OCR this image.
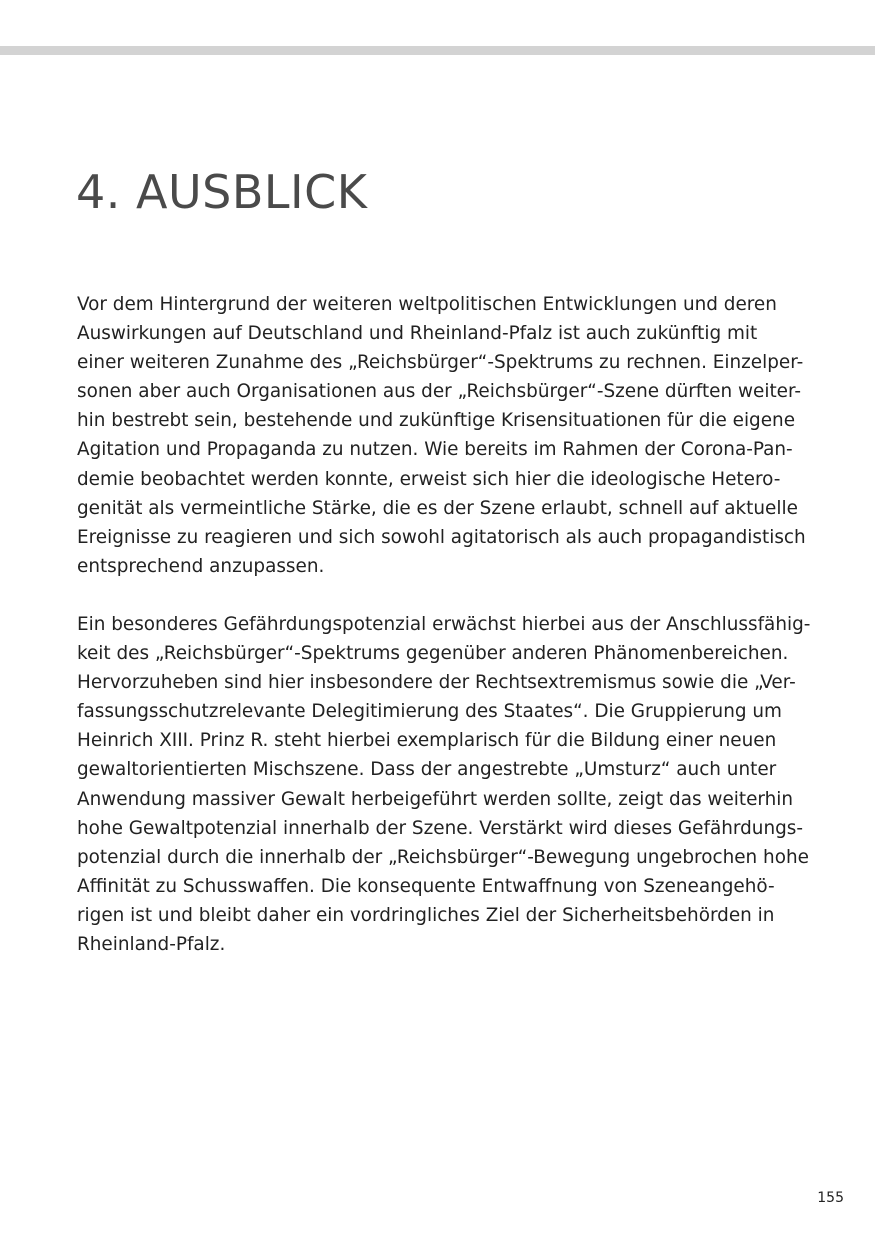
4. AUSBLICK

Vor dem Hintergrund der weiteren weltpolitischen Entwicklungen und deren
Auswirkungen auf Deutschland und Rheinland-Pfalz ist auch zukünftig mit
einer weiteren Zunahme des „Reichsbürger“-Spektrums zu rechnen. Einzelper-
sonen aber auch Organisationen aus der „Reichsbürger“-Szene dürften weiter-
hin bestrebt sein, bestehende und zukünftige Krisensituationen für die eigene
Agitation und Propaganda zu nutzen. Wie bereits im Rahmen der Corona-Pan-
demie beobachtet werden konnte, erweist sich hier die ideologische Hetero-
genität als vermeintliche Stärke, die es der Szene erlaubt, schnell auf aktuelle
Ereignisse zu reagieren und sich sowohl agitatorisch als auch propagandistisch
entsprechend anzupassen.

Ein besonderes Gefährdungspotenzial erwächst hierbei aus der Anschlussfähig-
keit des „Reichsbürger“-Spektrums gegenüber anderen Phänomenbereichen.
Hervorzuheben sind hier insbesondere der Rechtsextremismus sowie die „Ver-
fassungsschutzrelevante Delegitimierung des Staates“. Die Gruppierung um
Heinrich XIII. Prinz R. steht hierbei exemplarisch für die Bildung einer neuen
gewaltorientierten Mischszene. Dass der angestrebte „Umsturz“ auch unter
Anwendung massiver Gewalt herbeigeführt werden sollte, zeigt das weiterhin
hohe Gewaltpotenzial innerhalb der Szene. Verstärkt wird dieses Gefährdungs-
potenzial durch die innerhalb der „Reichsbürger“-Bewegung ungebrochen hohe
Affinität zu Schusswaffen. Die konsequente Entwaffnung von Szeneangehö-
rigen ist und bleibt daher ein vordringliches Ziel der Sicherheitsbehörden in
Rheinland-Pfalz.

155
